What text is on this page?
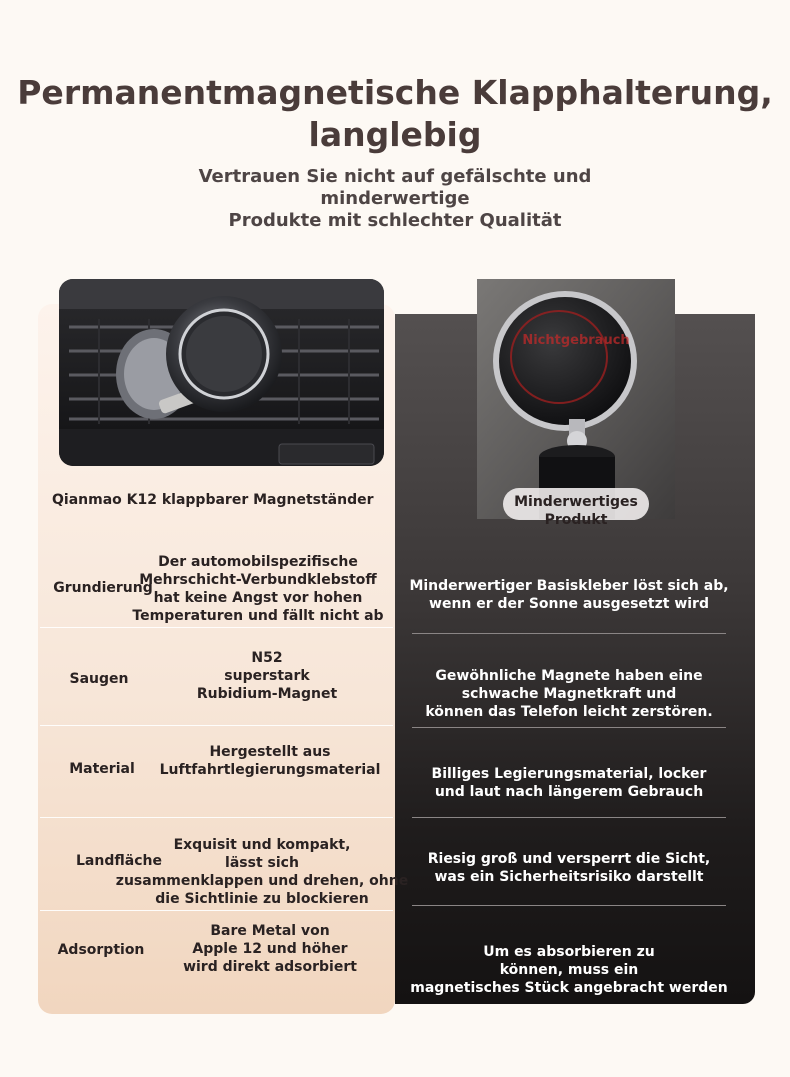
Permanentmagnetische Klapphalterung, langlebig
Vertrauen Sie nicht auf gefälschte und
minderwertige
Produkte mit schlechter Qualität
Nichtgebrauch
Qianmao K12 klappbarer Magnetständer	Minderwertiges
Produkt
Grundierung
Der automobilspezifische
Mehrschicht-Verbundklebstoff
hat keine Angst vor hohen
Temperaturen und fällt nicht ab
Saugen
N52
superstark
Rubidium-Magnet
Material
Hergestellt aus
Luftfahrtlegierungsmaterial
Landfläche
Exquisit und kompakt,
lässt sich
zusammenklappen und drehen, ohne
die Sichtlinie zu blockieren
Adsorption
Bare Metal von
Apple 12 und höher
wird direkt adsorbiert
Minderwertiger Basiskleber löst sich ab,
wenn er der Sonne ausgesetzt wird
Gewöhnliche Magnete haben eine
schwache Magnetkraft und
können das Telefon leicht zerstören.
Billiges Legierungsmaterial, locker
und laut nach längerem Gebrauch
Riesig groß und versperrt die Sicht,
was ein Sicherheitsrisiko darstellt
Um es absorbieren zu
können, muss ein
magnetisches Stück angebracht werden
